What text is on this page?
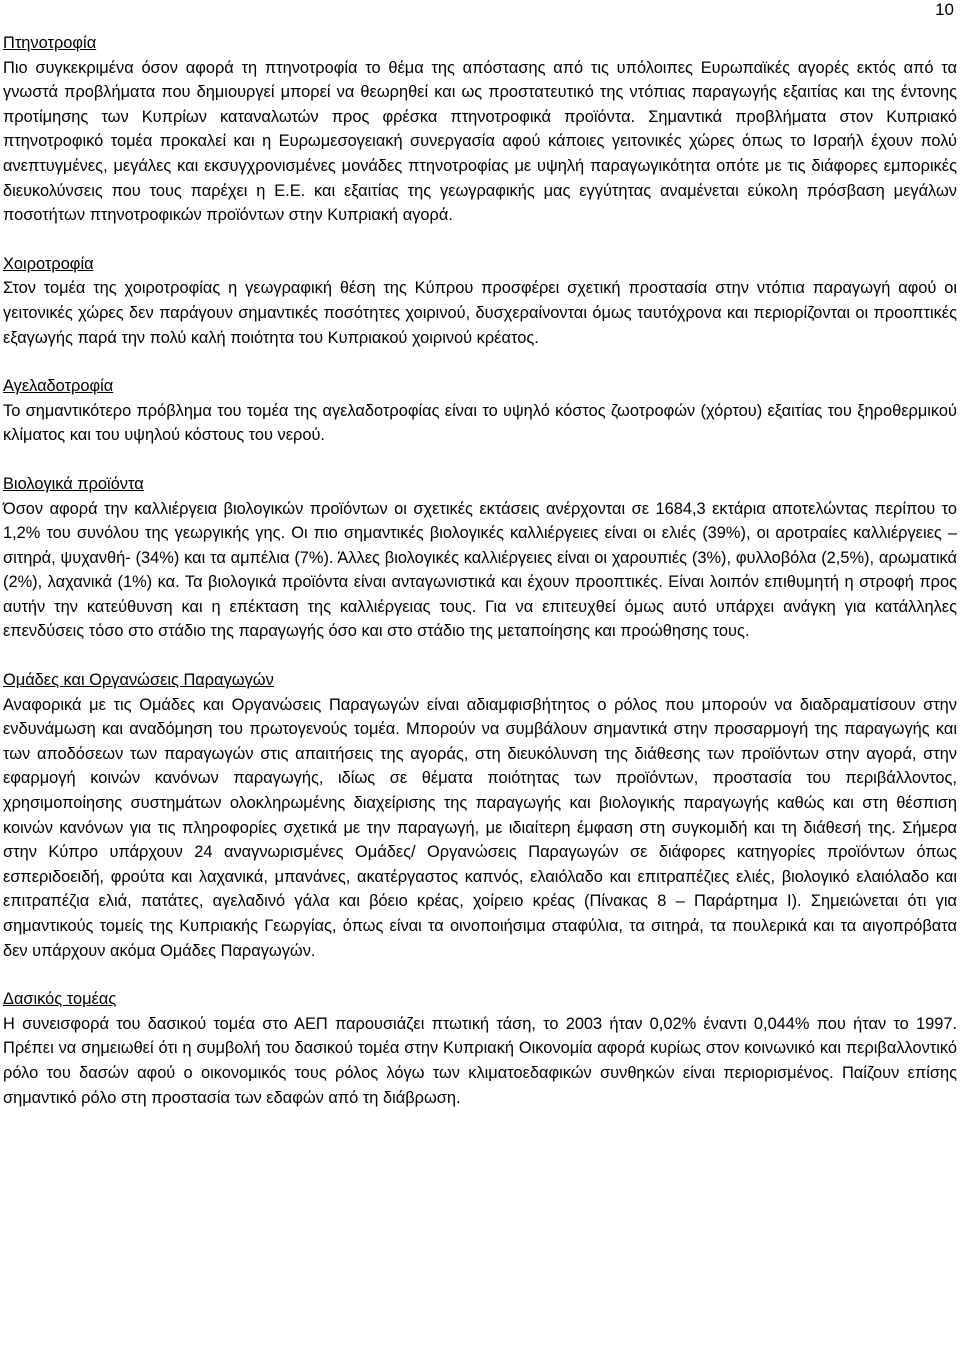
10
Πτηνοτροφία
Πιο συγκεκριμένα όσον αφορά τη πτηνοτροφία το θέμα της απόστασης από τις υπόλοιπες Ευρωπαϊκές αγορές εκτός από τα γνωστά προβλήματα που δημιουργεί μπορεί να θεωρηθεί και ως προστατευτικό της ντόπιας παραγωγής εξαιτίας και της έντονης προτίμησης των Κυπρίων καταναλωτών προς φρέσκα πτηνοτροφικά προϊόντα. Σημαντικά προβλήματα στον Κυπριακό πτηνοτροφικό τομέα προκαλεί και η Ευρωμεσογειακή συνεργασία αφού κάποιες γειτονικές χώρες όπως το Ισραήλ έχουν πολύ ανεπτυγμένες, μεγάλες και εκσυγχρονισμένες μονάδες πτηνοτροφίας με υψηλή παραγωγικότητα οπότε με τις διάφορες εμπορικές διευκολύνσεις που τους παρέχει η Ε.Ε. και εξαιτίας της γεωγραφικής μας εγγύτητας αναμένεται εύκολη πρόσβαση μεγάλων ποσοτήτων πτηνοτροφικών προϊόντων στην Κυπριακή αγορά.
Χοιροτροφία
Στον τομέα της χοιροτροφίας η γεωγραφική θέση της Κύπρου προσφέρει σχετική προστασία στην ντόπια παραγωγή αφού οι γειτονικές χώρες δεν παράγουν σημαντικές ποσότητες χοιρινού, δυσχεραίνονται όμως ταυτόχρονα και περιορίζονται οι προοπτικές εξαγωγής παρά την πολύ καλή ποιότητα του Κυπριακού χοιρινού κρέατος.
Αγελαδοτροφία
Το σημαντικότερο πρόβλημα του τομέα της αγελαδοτροφίας είναι το υψηλό κόστος ζωοτροφών (χόρτου) εξαιτίας του ξηροθερμικού κλίματος και του υψηλού κόστους του νερού.
Βιολογικά προϊόντα
Όσον αφορά την καλλιέργεια βιολογικών προϊόντων οι σχετικές εκτάσεις ανέρχονται σε 1684,3 εκτάρια αποτελώντας περίπου το 1,2% του συνόλου της γεωργικής γης. Οι πιο σημαντικές βιολογικές καλλιέργειες είναι οι ελιές (39%), οι αροτραίες καλλιέργειες –σιτηρά, ψυχανθή- (34%) και τα αμπέλια (7%). Άλλες βιολογικές καλλιέργειες είναι οι χαρουπιές (3%), φυλλοβόλα (2,5%), αρωματικά (2%), λαχανικά (1%) κα. Τα βιολογικά προϊόντα είναι ανταγωνιστικά και έχουν προοπτικές. Είναι λοιπόν επιθυμητή η στροφή προς αυτήν την κατεύθυνση και η επέκταση της καλλιέργειας τους. Για να επιτευχθεί όμως αυτό υπάρχει ανάγκη για κατάλληλες επενδύσεις τόσο στο στάδιο της παραγωγής όσο και στο στάδιο της μεταποίησης και προώθησης τους.
Ομάδες και Οργανώσεις Παραγωγών
Αναφορικά με τις Ομάδες και Οργανώσεις Παραγωγών είναι αδιαμφισβήτητος ο ρόλος που μπορούν να διαδραματίσουν στην ενδυνάμωση και αναδόμηση του πρωτογενούς τομέα. Μπορούν να συμβάλουν σημαντικά στην προσαρμογή της παραγωγής και των αποδόσεων των παραγωγών στις απαιτήσεις της αγοράς, στη διευκόλυνση της διάθεσης των προϊόντων στην αγορά, στην εφαρμογή κοινών κανόνων παραγωγής, ιδίως σε θέματα ποιότητας των προϊόντων, προστασία του περιβάλλοντος, χρησιμοποίησης συστημάτων ολοκληρωμένης διαχείρισης της παραγωγής και βιολογικής παραγωγής καθώς και στη θέσπιση κοινών κανόνων για τις πληροφορίες σχετικά με την παραγωγή, με ιδιαίτερη έμφαση στη συγκομιδή και τη διάθεσή της. Σήμερα στην Κύπρο υπάρχουν 24 αναγνωρισμένες Ομάδες/ Οργανώσεις Παραγωγών σε διάφορες κατηγορίες προϊόντων όπως εσπεριδοειδή, φρούτα και λαχανικά, μπανάνες, ακατέργαστος καπνός, ελαιόλαδο και επιτραπέζιες ελιές, βιολογικό ελαιόλαδο και επιτραπέζια ελιά, πατάτες, αγελαδινό γάλα και βόειο κρέας, χοίρειο κρέας (Πίνακας 8 – Παράρτημα Ι). Σημειώνεται ότι για σημαντικούς τομείς της Κυπριακής Γεωργίας, όπως είναι τα οινοποιήσιμα σταφύλια, τα σιτηρά, τα πουλερικά και τα αιγοπρόβατα δεν υπάρχουν ακόμα Ομάδες Παραγωγών.
Δασικός τομέας
Η συνεισφορά του δασικού τομέα στο ΑΕΠ παρουσιάζει πτωτική τάση, το 2003 ήταν 0,02% έναντι 0,044% που ήταν το 1997. Πρέπει να σημειωθεί ότι η συμβολή του δασικού τομέα στην Κυπριακή Οικονομία αφορά κυρίως στον κοινωνικό και περιβαλλοντικό ρόλο του δασών αφού ο οικονομικός τους ρόλος λόγω των κλιματοεδαφικών συνθηκών είναι περιορισμένος. Παίζουν επίσης σημαντικό ρόλο στη προστασία των εδαφών από τη διάβρωση.
